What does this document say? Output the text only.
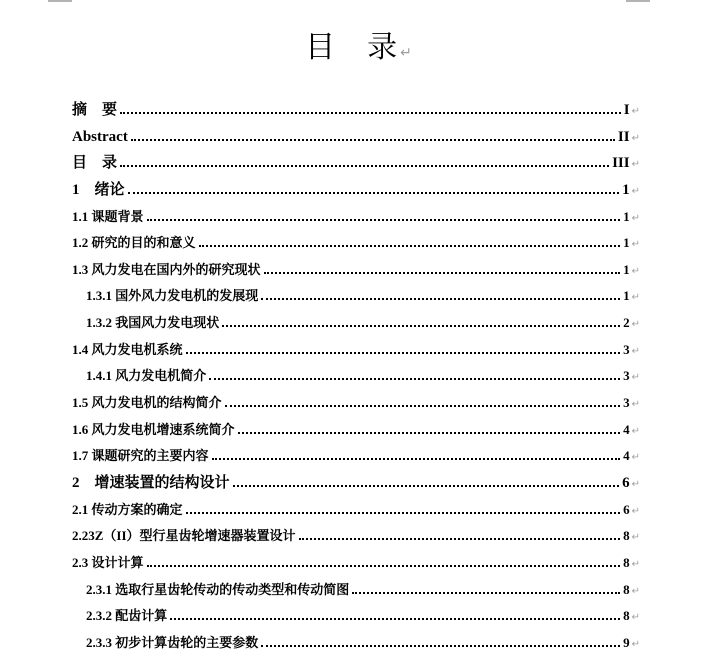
目　录 ↵
摘　要	I ↵
Abstract	II ↵
目　录	III ↵
1　绪论	1 ↵
1.1 课题背景	1 ↵
1.2 研究的目的和意义	1 ↵
1.3 风力发电在国内外的研究现状	1 ↵
1.3.1 国外风力发电机的发展现	1 ↵
1.3.2 我国风力发电现状	2 ↵
1.4 风力发电机系统	3 ↵
1.4.1 风力发电机简介	3 ↵
1.5 风力发电机的结构简介	3 ↵
1.6 风力发电机增速系统简介	4 ↵
1.7 课题研究的主要内容	4 ↵
2　增速装置的结构设计	6 ↵
2.1 传动方案的确定	6 ↵
2.23Z（II）型行星齿轮增速器装置设计	8 ↵
2.3 设计计算	8 ↵
2.3.1 选取行星齿轮传动的传动类型和传动简图	8 ↵
2.3.2 配齿计算	8 ↵
2.3.3 初步计算齿轮的主要参数	9 ↵
